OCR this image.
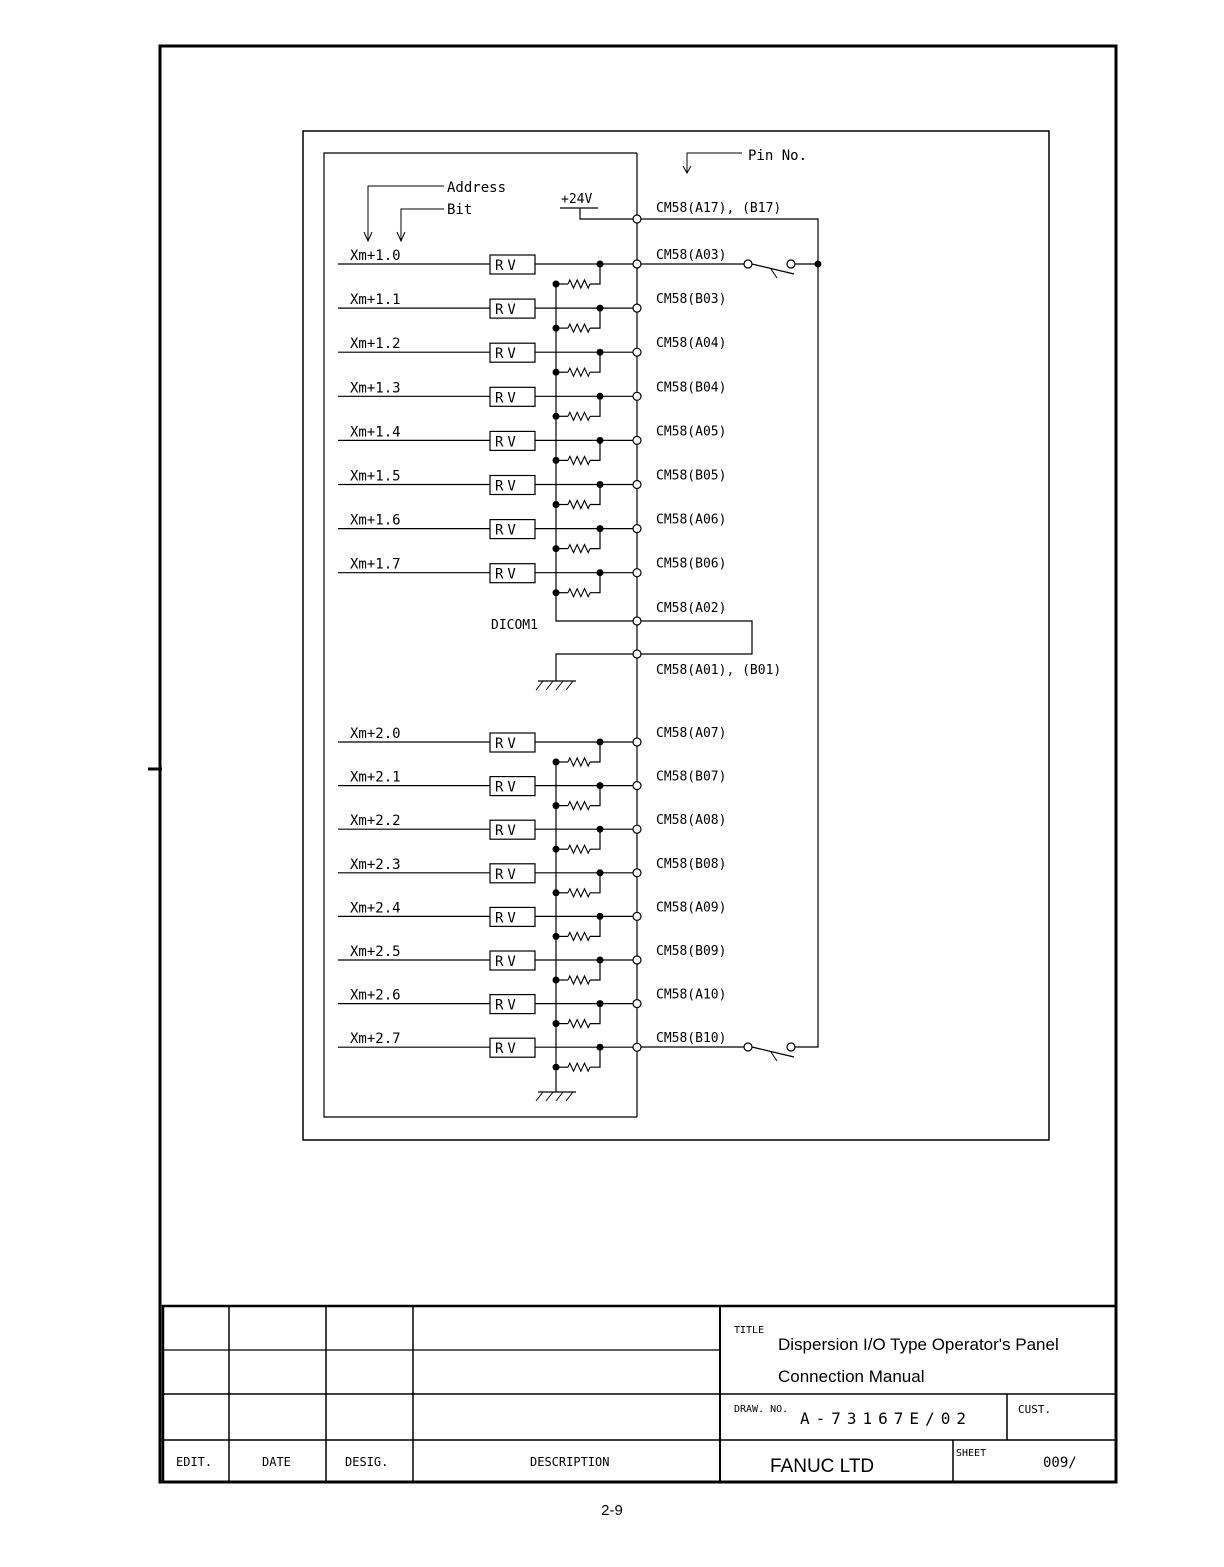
Pin No.
Address
Bit
+24V
CM58(A17), (B17)
Xm+1.0
RV
CM58(A03)
Xm+1.1
RV
CM58(B03)
Xm+1.2
RV
CM58(A04)
Xm+1.3
RV
CM58(B04)
Xm+1.4
RV
CM58(A05)
Xm+1.5
RV
CM58(B05)
Xm+1.6
RV
CM58(A06)
Xm+1.7
RV
CM58(B06)
Xm+2.0
RV
CM58(A07)
Xm+2.1
RV
CM58(B07)
Xm+2.2
RV
CM58(A08)
Xm+2.3
RV
CM58(B08)
Xm+2.4
RV
CM58(A09)
Xm+2.5
RV
CM58(B09)
Xm+2.6
RV
CM58(A10)
Xm+2.7
RV
CM58(B10)
DICOM1
CM58(A02)
CM58(A01), (B01)
EDIT.	DATE	DESIG.	DESCRIPTION
TITLE
Dispersion I/O Type Operator's Panel
Connection Manual
DRAW. NO. A-73167E/02	CUST.
FANUC LTD
SHEET
009/
2-9
